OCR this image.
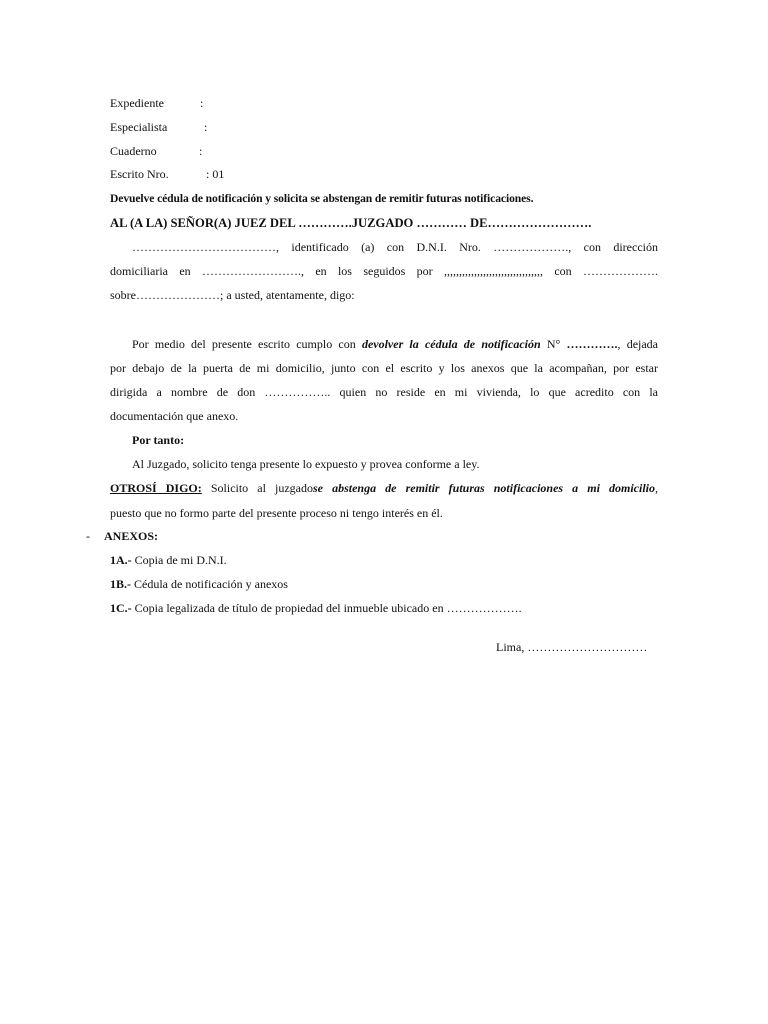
Expediente	:
Especialista	:
Cuaderno	:
Escrito Nro.	: 01
Devuelve cédula de notificación y solicita se abstengan de remitir futuras notificaciones.
AL (A LA) SEÑOR(A) JUEZ DEL ………….JUZGADO ………… DE…………………….
………………………………, identificado (a) con D.N.I. Nro. ………………., con dirección
domiciliaria en ……………………., en los seguidos por ,,,,,,,,,,,,,,,,,,,,,,,,,,,,,,,,, con ……………….
sobre…………………; a usted, atentamente, digo:
Por medio del presente escrito cumplo con devolver la cédula de notificación N° …………., dejada
por debajo de la puerta de mi domicilio, junto con el escrito y los anexos que la acompañan, por estar
dirigida a nombre de don …………….. quien no reside en mi vivienda, lo que acredito con la
documentación que anexo.
Por tanto:
Al Juzgado, solicito tenga presente lo expuesto y provea conforme a ley.
OTROSÍ DIGO: Solicito al juzgadose abstenga de remitir futuras notificaciones a mi domicilio,
puesto que no formo parte del presente proceso ni tengo interés en él.
- ANEXOS:
1A.- Copia de mi D.N.I.
1B.- Cédula de notificación y anexos
1C.- Copia legalizada de título de propiedad del inmueble ubicado en ……………….
Lima, …………………………
